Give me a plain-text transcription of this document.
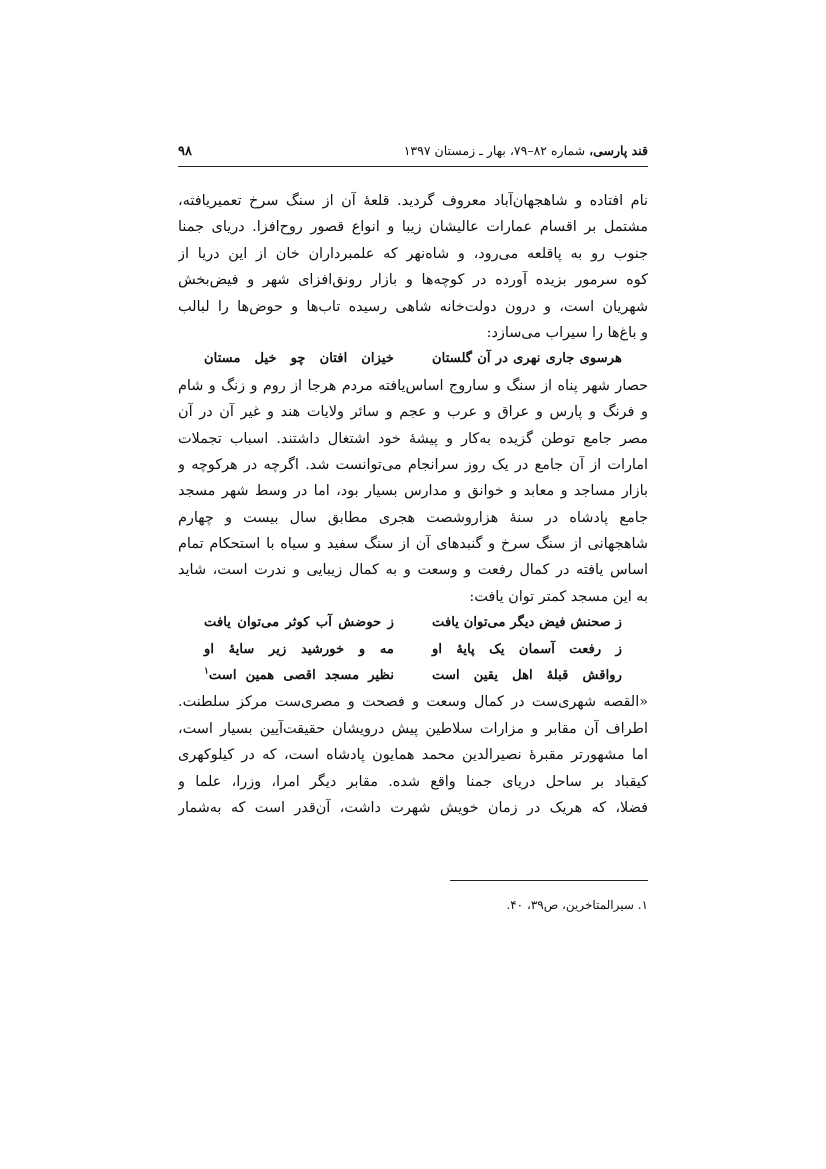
قند پارسی، شماره ۸۲–۷۹، بهار ـ زمستان ۱۳۹۷
۹۸
نام افتاده و شاهجهان‌آباد معروف گردید. قلعهٔ آن از سنگ سرخ تعمیریافته،
مشتمل بر اقسام عمارات عالیشان زیبا و انواع قصور روح‌افزا. دریای جمنا
جنوب رو به پاقلعه می‌رود، و شاه‌نهر که علمبرداران خان از این دریا از
کوه سرمور بزیده آورده در کوچه‌ها و بازار رونق‌افزای شهر و فیض‌بخش
شهریان است، و درون دولت‌خانه شاهی رسیده تاب‌ها و حوض‌ها را لبالب
و باغ‌ها را سیراب می‌سازد:
هرسوی جاری نهری در آن گلستان
خیزان افتان چو خیل مستان
حصار شهر پناه از سنگ و ساروج اساس‌یافته مردم هرجا از روم و زنگ و شام
و فرنگ و پارس و عراق و عرب و عجم و سائر ولایات هند و غیر آن در آن
مصر جامع توطن گزیده به‌کار و پیشهٔ خود اشتغال داشتند. اسباب تجملات
امارات از آن جامع در یک روز سرانجام می‌توانست شد. اگرچه در هرکوچه و
بازار مساجد و معابد و خوانق و مدارس بسیار بود، اما در وسط شهر مسجد
جامع پادشاه در سنهٔ هزاروشصت هجری مطابق سال بیست و چهارم
شاهجهانی از سنگ سرخ و گنبدهای آن از سنگ سفید و سیاه با استحکام تمام
اساس یافته در کمال رفعت و وسعت و به کمال زیبایی و ندرت است، شاید
به این مسجد کمتر توان یافت:
ز صحنش فیض دیگر می‌توان یافت
ز حوضش آب کوثر می‌توان یافت
ز رفعت آسمان یک پایهٔ او
مه و خورشید زیر سایهٔ او
رواقش قبلهٔ اهل یقین است
نظیر مسجد اقصی همین است$^۱$
«القصه شهری‌ست در کمال وسعت و فصحت و مصری‌ست مرکز سلطنت.
اطراف آن مقابر و مزارات سلاطین پیش درویشان حقیقت‌آیین بسیار است،
اما مشهورتر مقبرهٔ نصیرالدین محمد همایون پادشاه است، که در کیلوکهری
کیقباد بر ساحل دریای جمنا واقع شده. مقابر دیگر امرا، وزرا، علما و
فضلا، که هریک در زمان خویش شهرت داشت، آن‌قدر است که به‌شمار
۱. سیرالمتاخرین، ص۳۹، ۴۰.
